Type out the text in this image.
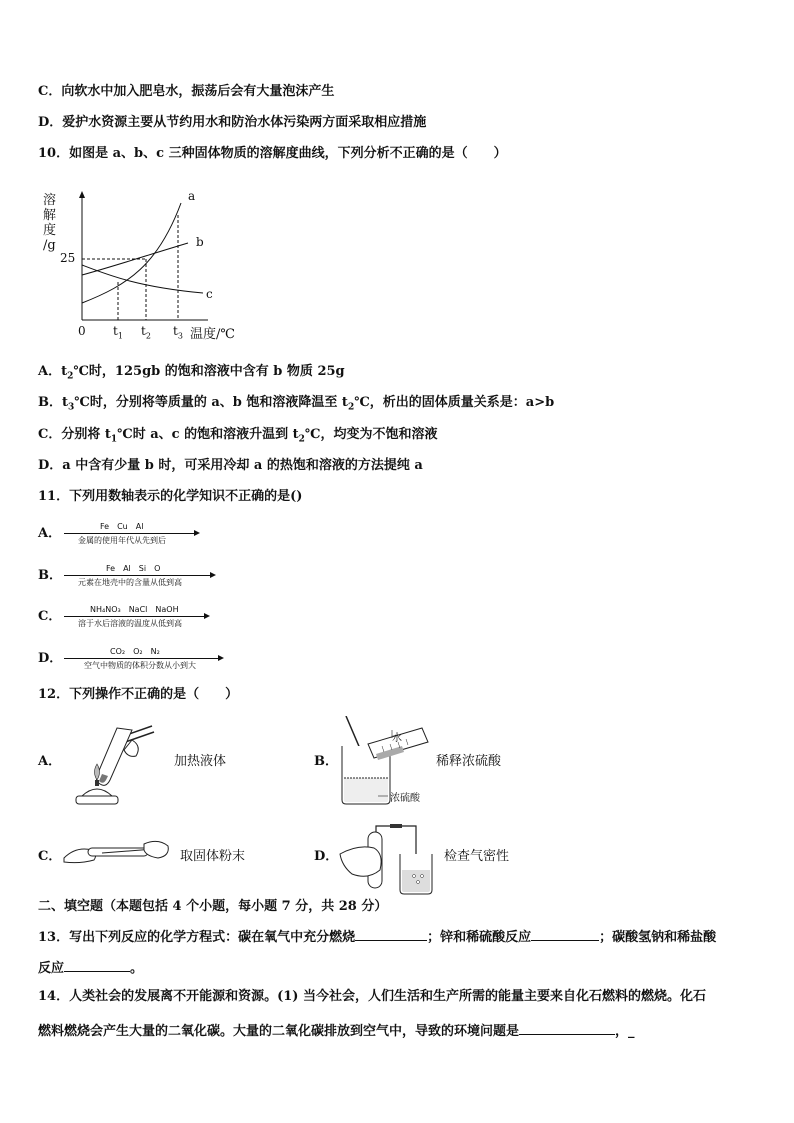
C．向软水中加入肥皂水，振荡后会有大量泡沫产生
D．爱护水资源主要从节约用水和防治水体污染两方面采取相应措施
10．如图是 a、b、c 三种固体物质的溶解度曲线，下列分析不正确的是（　　）
溶
解
度
/g
25
0 $t_1$ $t_2$ $t_3$ 温度/℃
a
b
c
A．$t_2℃$时，125gb 的饱和溶液中含有 b 物质 25g
B．$t_3℃$时，分别将等质量的 a、b 饱和溶液降温至 $t_2℃$，析出的固体质量关系是：a>b
C．分别将 $t_1℃$时 a、c 的饱和溶液升温到 $t_2℃$，均变为不饱和溶液
D．a 中含有少量 b 时，可采用冷却 a 的热饱和溶液的方法提纯 a
11．下列用数轴表示的化学知识不正确的是()
A．	Fe　Cu　Al
金属的使用年代从先到后
B．	Fe　Al　Si　O
元素在地壳中的含量从低到高
C．	NH₄NO₃　NaCl　NaOH
溶于水后溶液的温度从低到高
D．	CO₂　O₂　N₂
空气中物质的体积分数从小到大
12．下列操作不正确的是（　　）
A．	加热液体	B．
水
浓硫酸
稀释浓硫酸
C．	取固体粉末	D．	检查气密性
二、填空题（本题包括 4 个小题，每小题 7 分，共 28 分）
13．写出下列反应的化学方程式：碳在氧气中充分燃烧	；锌和稀硫酸反应	；碳酸氢钠和稀盐酸
反应	。
14．人类社会的发展离不开能源和资源。(1) 当今社会，人们生活和生产所需的能量主要来自化石燃料的燃烧。化石
燃料燃烧会产生大量的二氧化碳。大量的二氧化碳排放到空气中，导致的环境问题是	，_
